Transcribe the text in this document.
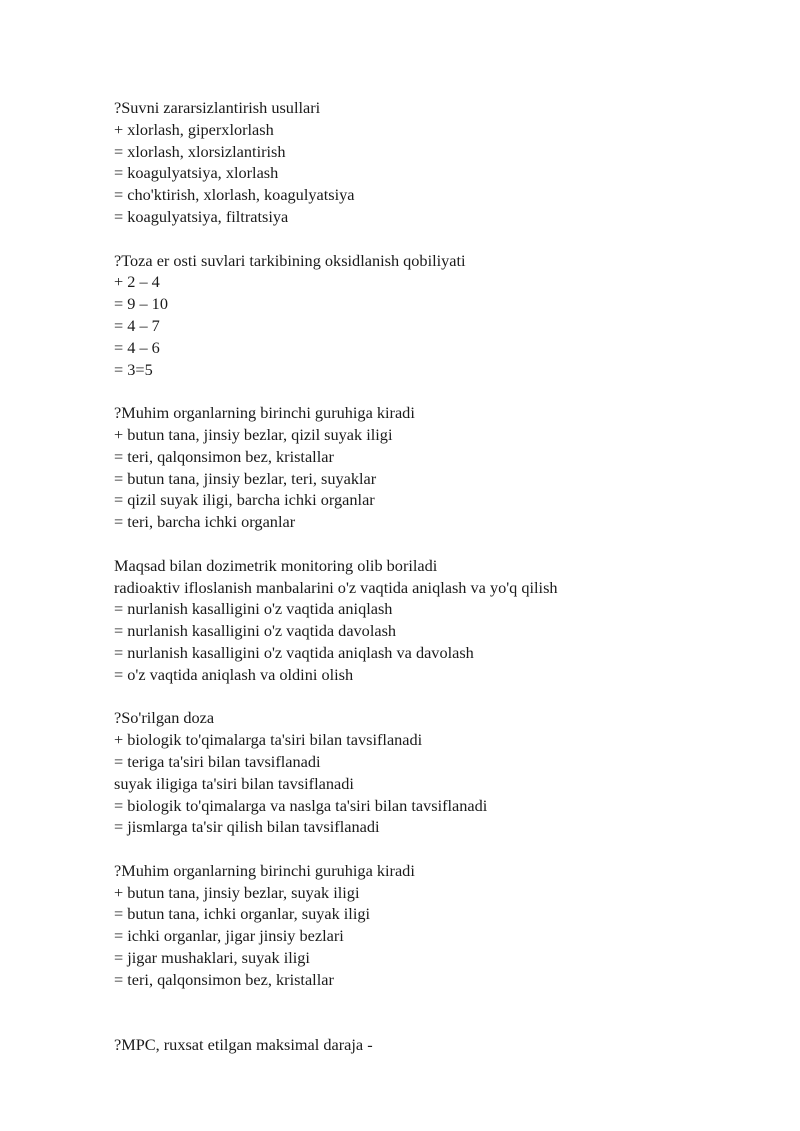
?Suvni zararsizlantirish usullari
+ xlorlash, giperxlorlash
= xlorlash, xlorsizlantirish
= koagulyatsiya, xlorlash
= cho'ktirish, xlorlash, koagulyatsiya
= koagulyatsiya, filtratsiya
?Toza er osti suvlari tarkibining oksidlanish qobiliyati
+ 2 – 4
= 9 – 10
= 4 – 7
= 4 – 6
= 3=5
?Muhim organlarning birinchi guruhiga kiradi
+ butun tana, jinsiy bezlar, qizil suyak iligi
= teri, qalqonsimon bez, kristallar
= butun tana, jinsiy bezlar, teri, suyaklar
= qizil suyak iligi, barcha ichki organlar
= teri, barcha ichki organlar
Maqsad bilan dozimetrik monitoring olib boriladi
radioaktiv ifloslanish manbalarini o'z vaqtida aniqlash va yo'q qilish
= nurlanish kasalligini o'z vaqtida aniqlash
= nurlanish kasalligini o'z vaqtida davolash
= nurlanish kasalligini o'z vaqtida aniqlash va davolash
= o'z vaqtida aniqlash va oldini olish
?So'rilgan doza
+ biologik to'qimalarga ta'siri bilan tavsiflanadi
= teriga ta'siri bilan tavsiflanadi
suyak iligiga ta'siri bilan tavsiflanadi
= biologik to'qimalarga va naslga ta'siri bilan tavsiflanadi
= jismlarga ta'sir qilish bilan tavsiflanadi
?Muhim organlarning birinchi guruhiga kiradi
+ butun tana, jinsiy bezlar, suyak iligi
= butun tana, ichki organlar, suyak iligi
= ichki organlar, jigar jinsiy bezlari
= jigar mushaklari, suyak iligi
= teri, qalqonsimon bez, kristallar
?MPC, ruxsat etilgan maksimal daraja -
